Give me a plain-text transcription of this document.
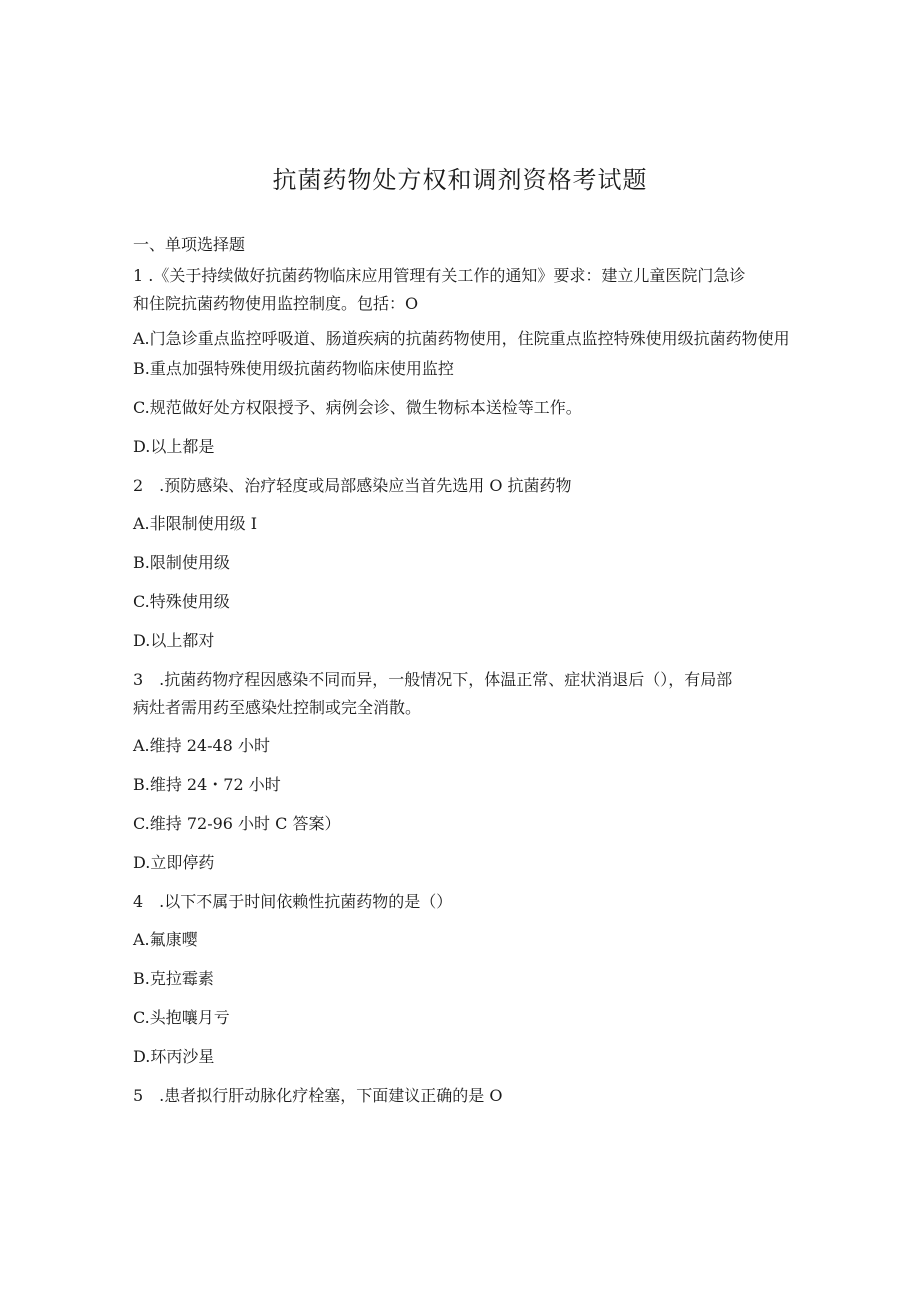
抗菌药物处方权和调剂资格考试题
一、单项选择题
1 .《关于持续做好抗菌药物临床应用管理有关工作的通知》要求：建立儿童医院门急诊
和住院抗菌药物使用监控制度。包括：O
A.门急诊重点监控呼吸道、肠道疾病的抗菌药物使用，住院重点监控特殊使用级抗菌药物使用
B.重点加强特殊使用级抗菌药物临床使用监控
C.规范做好处方权限授予、病例会诊、微生物标本送检等工作。
D.以上都是
2　.预防感染、治疗轻度或局部感染应当首先选用 O 抗菌药物
A.非限制使用级 I
B.限制使用级
C.特殊使用级
D.以上都对
3　.抗菌药物疗程因感染不同而异，一般情况下，体温正常、症状消退后（），有局部
病灶者需用药至感染灶控制或完全消散。
A.维持 24-48 小时
B.维持 24・72 小时
C.维持 72-96 小时 C 答案）
D.立即停药
4　.以下不属于时间依赖性抗菌药物的是（）
A.氟康嘤
B.克拉霉素
C.头抱嚷月亏
D.环丙沙星
5　.患者拟行肝动脉化疗栓塞，下面建议正确的是 O
